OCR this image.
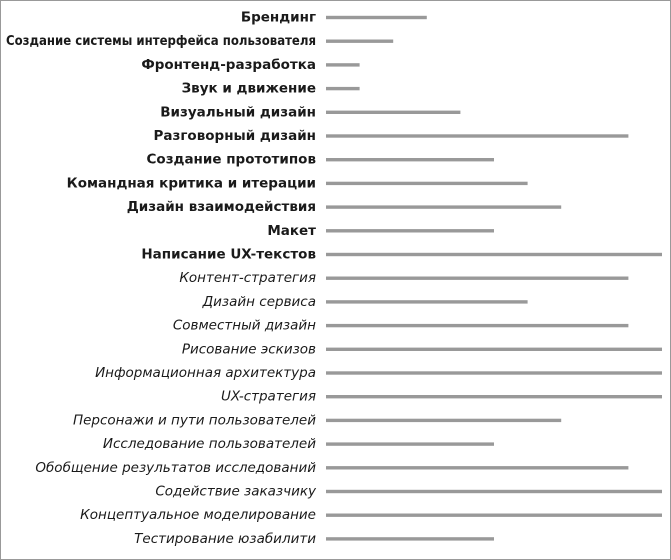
Брендинг
Создание системы интерфейса пользователя
Фронтенд-разработка
Звук и движение
Визуальный дизайн
Разговорный дизайн
Создание прототипов
Командная критика и итерации
Дизайн взаимодействия
Макет
Написание UX-текстов
Контент-стратегия
Дизайн сервиса
Совместный дизайн
Рисование эскизов
Информационная архитектура
UX-стратегия
Персонажи и пути пользователей
Исследование пользователей
Обобщение результатов исследований
Содействие заказчику
Концептуальное моделирование
Тестирование юзабилити
